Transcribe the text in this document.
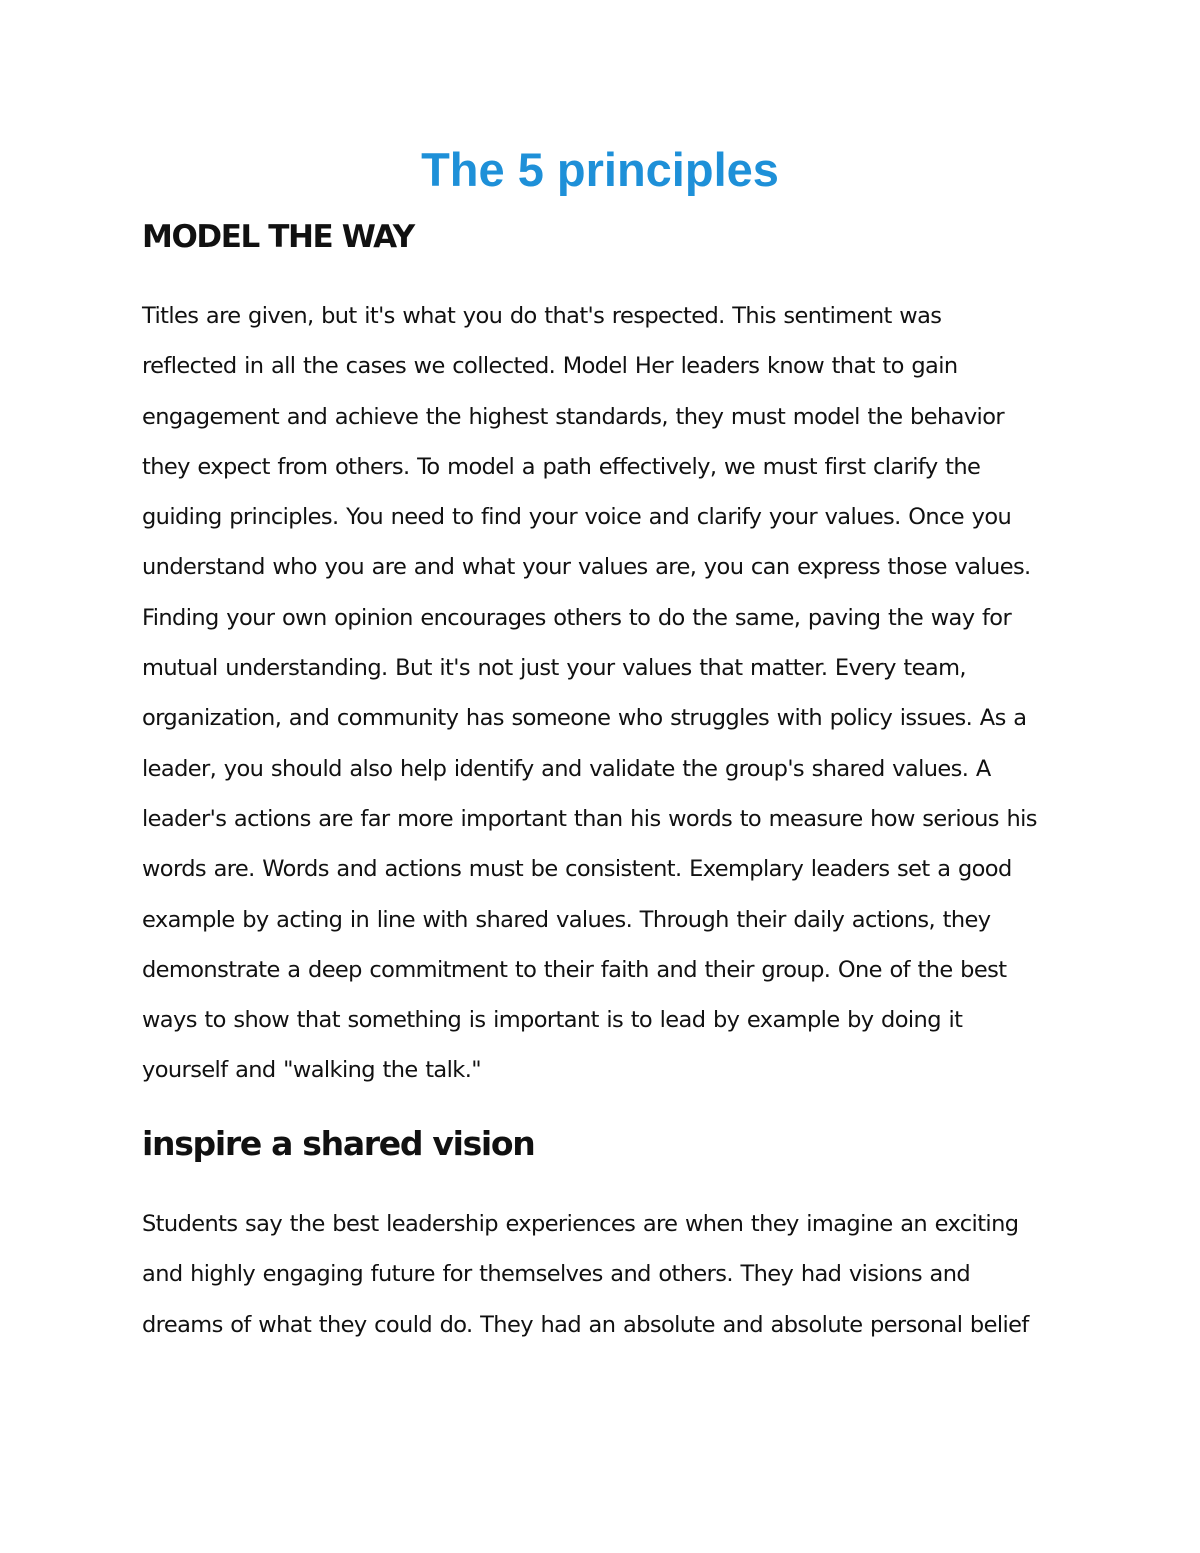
The 5 principles
MODEL THE WAY
Titles are given, but it's what you do that's respected. This sentiment was
reflected in all the cases we collected. Model Her leaders know that to gain
engagement and achieve the highest standards, they must model the behavior
they expect from others. To model a path effectively, we must first clarify the
guiding principles. You need to find your voice and clarify your values. Once you
understand who you are and what your values are, you can express those values.
Finding your own opinion encourages others to do the same, paving the way for
mutual understanding. But it's not just your values that matter. Every team,
organization, and community has someone who struggles with policy issues. As a
leader, you should also help identify and validate the group's shared values. A
leader's actions are far more important than his words to measure how serious his
words are. Words and actions must be consistent. Exemplary leaders set a good
example by acting in line with shared values. Through their daily actions, they
demonstrate a deep commitment to their faith and their group. One of the best
ways to show that something is important is to lead by example by doing it
yourself and "walking the talk."
inspire a shared vision
Students say the best leadership experiences are when they imagine an exciting
and highly engaging future for themselves and others. They had visions and
dreams of what they could do. They had an absolute and absolute personal belief
